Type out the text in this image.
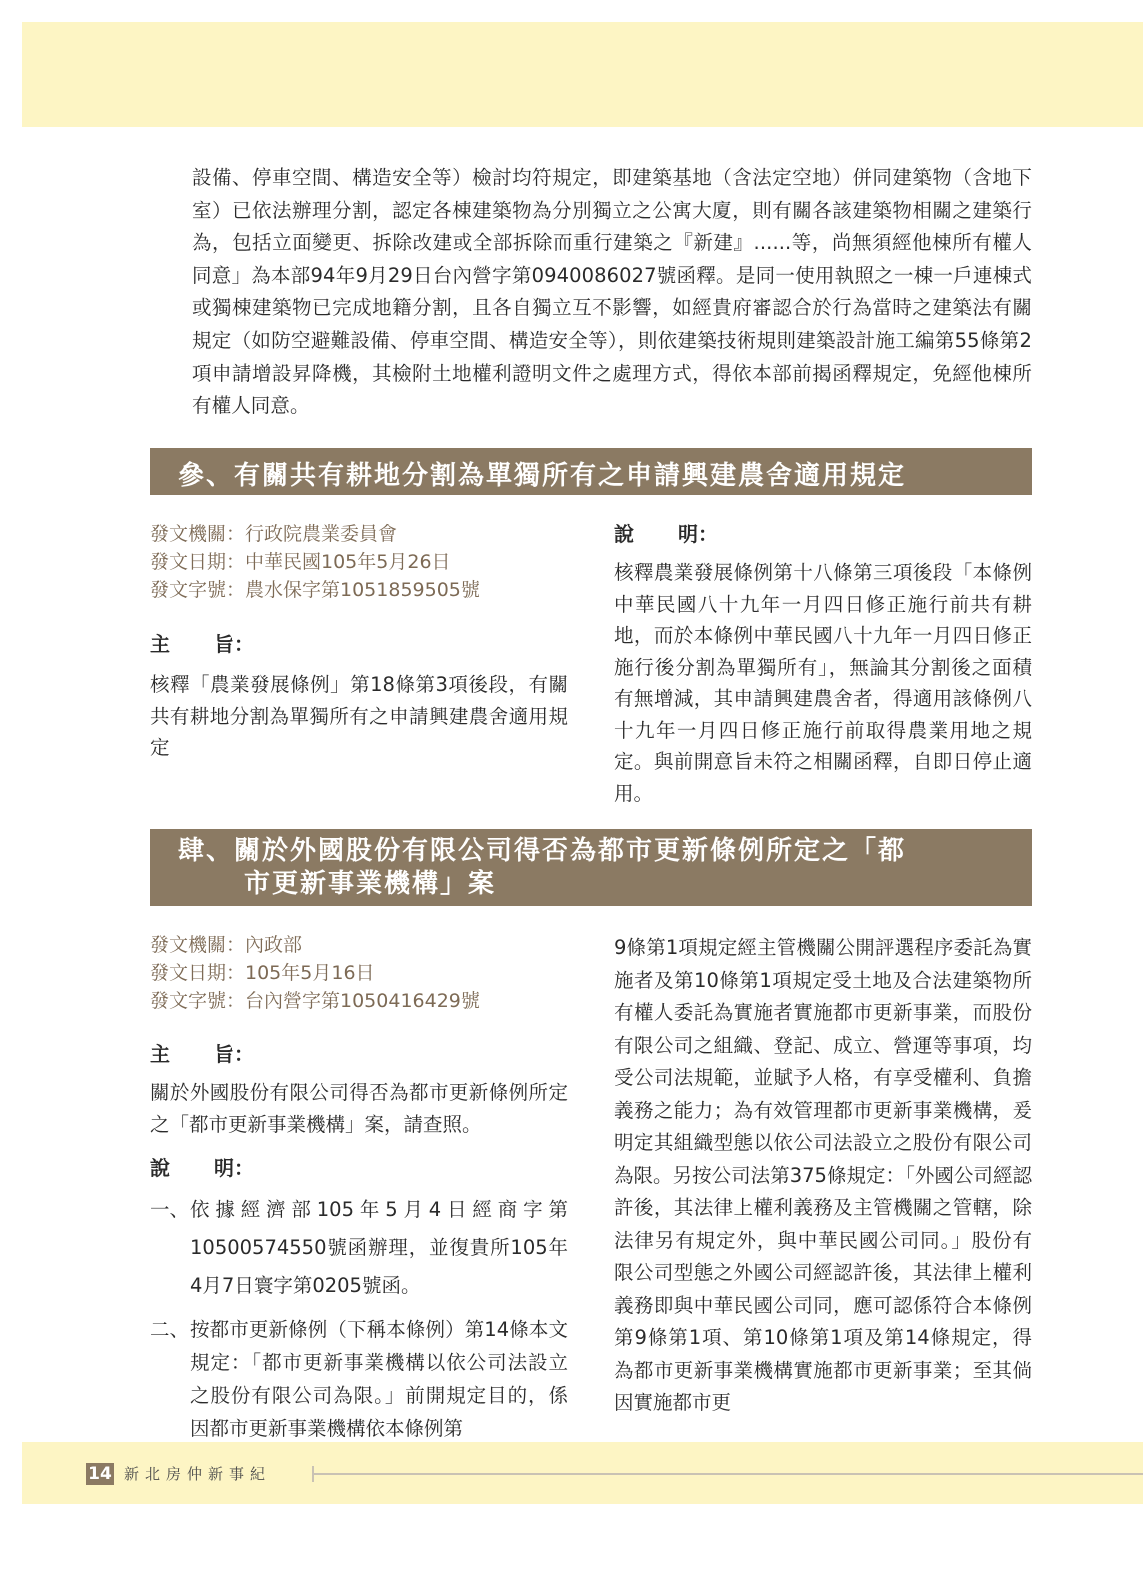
設備、停車空間、構造安全等）檢討均符規定，即建築基地（含法定空地）併同建築物（含地下室）已依法辦理分割，認定各棟建築物為分別獨立之公寓大廈，則有關各該建築物相關之建築行為，包括立面變更、拆除改建或全部拆除而重行建築之『新建』......等，尚無須經他棟所有權人同意」為本部94年9月29日台內營字第0940086027號函釋。是同一使用執照之一棟一戶連棟式或獨棟建築物已完成地籍分割，且各自獨立互不影響，如經貴府審認合於行為當時之建築法有關規定（如防空避難設備、停車空間、構造安全等），則依建築技術規則建築設計施工編第55條第2項申請增設昇降機，其檢附土地權利證明文件之處理方式，得依本部前揭函釋規定，免經他棟所有權人同意。

參、有關共有耕地分割為單獨所有之申請興建農舍適用規定

發文機關：行政院農業委員會

發文日期：中華民國105年5月26日

發文字號：農水保字第1051859505號

主 旨：

核釋「農業發展條例」第18條第3項後段，有關共有耕地分割為單獨所有之申請興建農舍適用規定

說 明：

核釋農業發展條例第十八條第三項後段「本條例中華民國八十九年一月四日修正施行前共有耕地，而於本條例中華民國八十九年一月四日修正施行後分割為單獨所有」，無論其分割後之面積有無增減，其申請興建農舍者，得適用該條例八十九年一月四日修正施行前取得農業用地之規定。與前開意旨未符之相關函釋，自即日停止適用。

肆、關於外國股份有限公司得否為都市更新條例所定之「都
市更新事業機構」案

發文機關：內政部

發文日期：105年5月16日

發文字號：台內營字第1050416429號

主 旨：

關於外國股份有限公司得否為都市更新條例所定之「都市更新事業機構」案，請查照。

說 明：

一、 依據經濟部105年5月4日經商字第10500574550號函辦理，並復貴所105年4月7日寰字第0205號函。
二、 按都市更新條例（下稱本條例）第14條本文規定：「都市更新事業機構以依公司法設立之股份有限公司為限。」前開規定目的，係因都市更新事業機構依本條例第

9條第1項規定經主管機關公開評選程序委託為實施者及第10條第1項規定受土地及合法建築物所有權人委託為實施者實施都市更新事業，而股份有限公司之組織、登記、成立、營運等事項，均受公司法規範，並賦予人格，有享受權利、負擔義務之能力；為有效管理都市更新事業機構，爰明定其組織型態以依公司法設立之股份有限公司為限。另按公司法第375條規定：「外國公司經認許後，其法律上權利義務及主管機關之管轄，除法律另有規定外，與中華民國公司同。」股份有限公司型態之外國公司經認許後，其法律上權利義務即與中華民國公司同，應可認係符合本條例第9條第1項、第10條第1項及第14條規定，得為都市更新事業機構實施都市更新事業；至其倘因實施都市更

14 新北房仲新事紀
